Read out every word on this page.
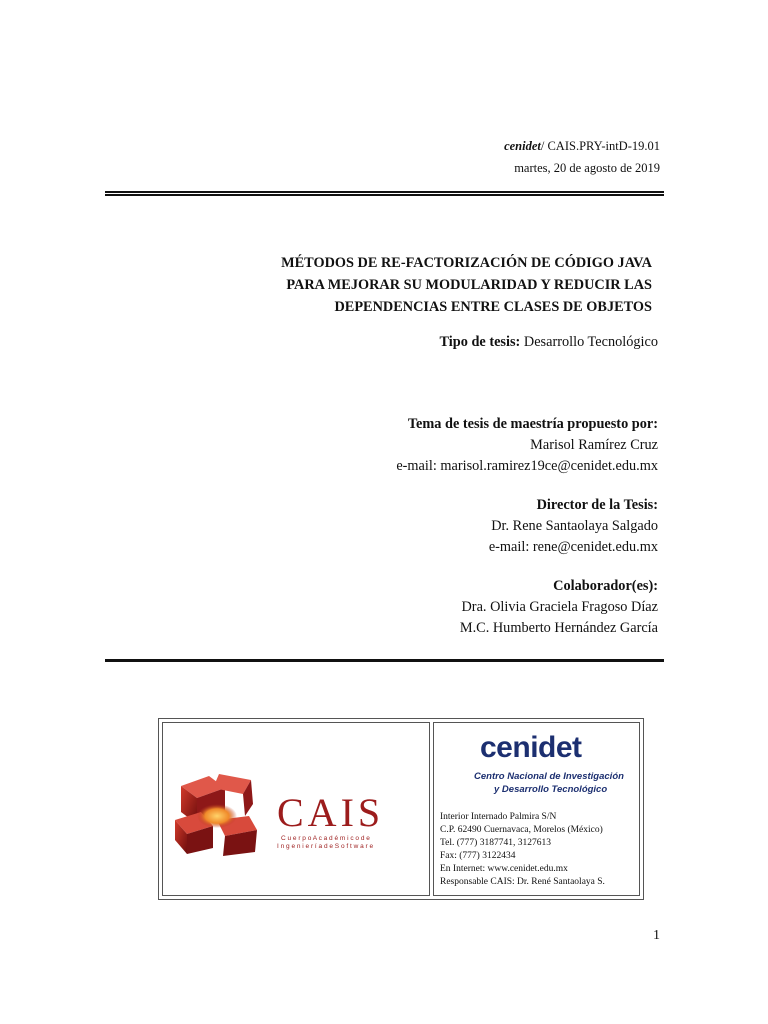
cenidet/ CAIS.PRY-intD-19.01
martes, 20 de agosto de 2019
MÉTODOS DE RE-FACTORIZACIÓN DE CÓDIGO JAVA
PARA MEJORAR SU MODULARIDAD Y REDUCIR LAS
DEPENDENCIAS ENTRE CLASES DE OBJETOS
Tipo de tesis: Desarrollo Tecnológico
Tema de tesis de maestría propuesto por:
Marisol Ramírez Cruz
e-mail: marisol.ramirez19ce@cenidet.edu.mx
Director de la Tesis:
Dr. Rene Santaolaya Salgado
e-mail: rene@cenidet.edu.mx
Colaborador(es):
Dra. Olivia Graciela Fragoso Díaz
M.C. Humberto Hernández García
CAIS
C u e r p o A c a d é m i c o d e
I n g e n i e r í a d e S o f t w a r e
cenidet
Centro Nacional de Investigación
y Desarrollo Tecnológico
Interior Internado Palmira S/N
C.P. 62490 Cuernavaca, Morelos (México)
Tel. (777) 3187741, 3127613
Fax: (777) 3122434
En Internet: www.cenidet.edu.mx
Responsable CAIS: Dr. René Santaolaya S.
1
